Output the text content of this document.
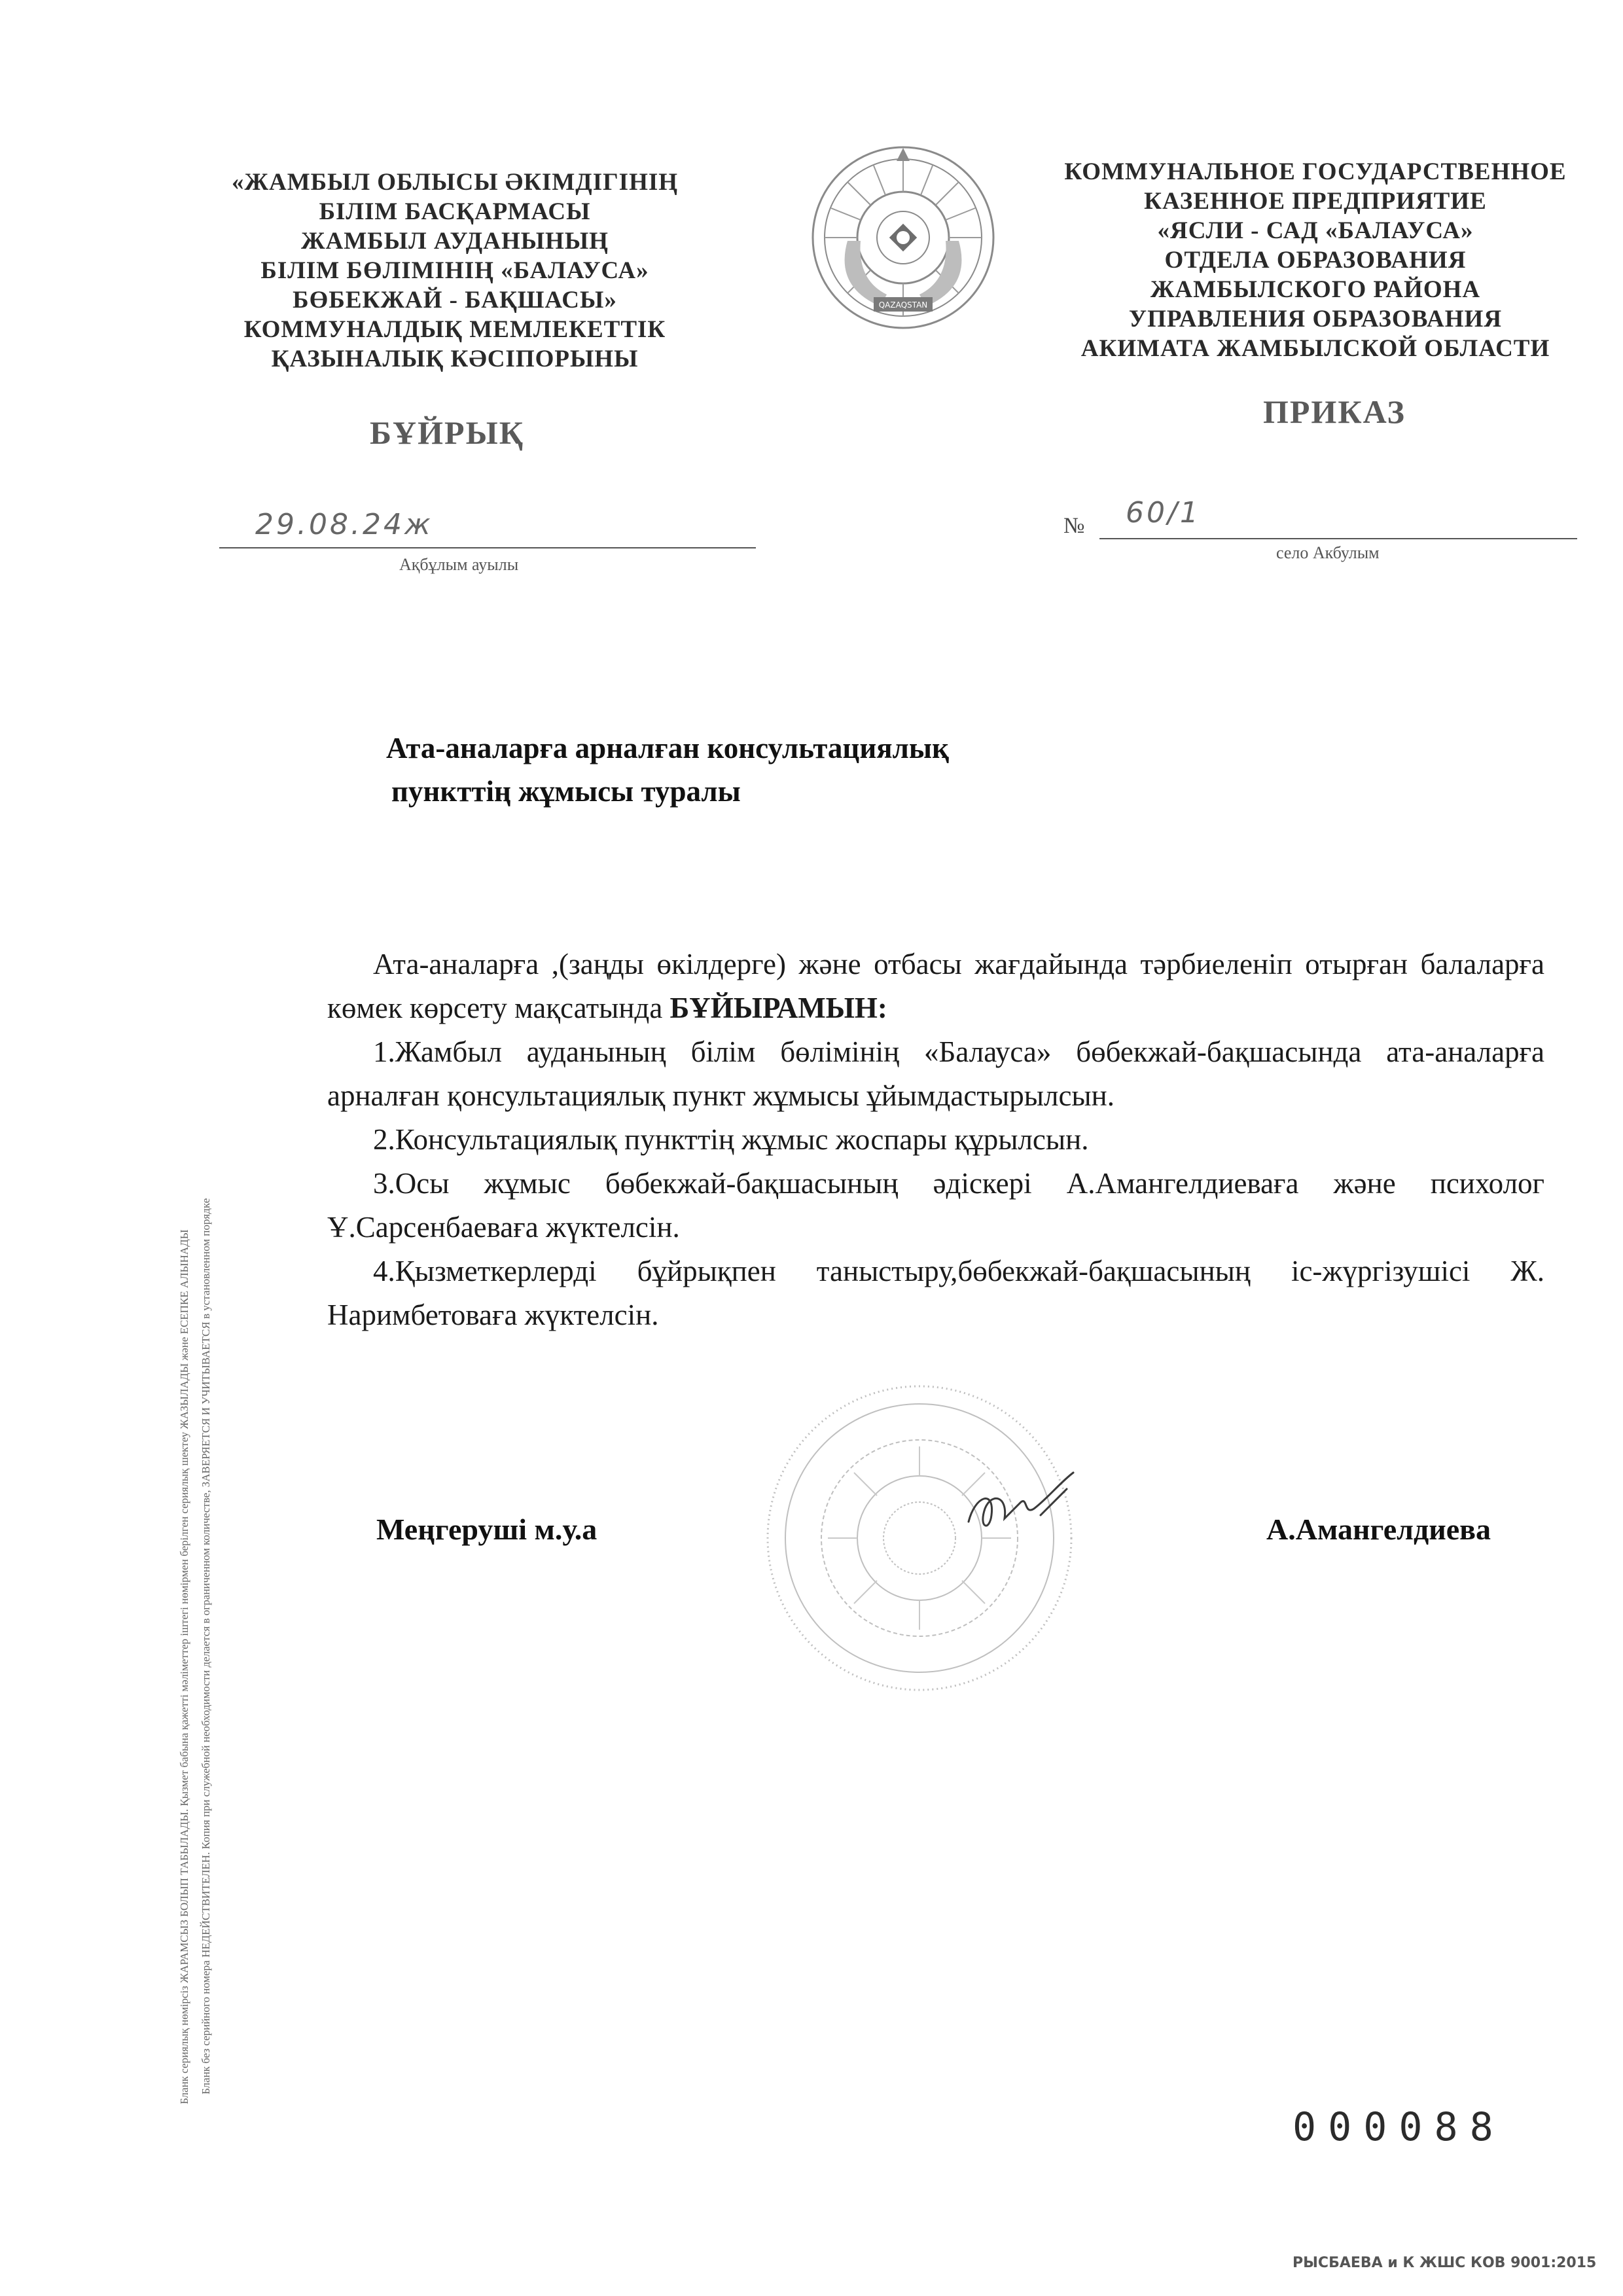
«ЖАМБЫЛ ОБЛЫСЫ ӘКІМДІГІНІҢ
БІЛІМ БАСҚАРМАСЫ
ЖАМБЫЛ АУДАНЫНЫҢ
БІЛІМ БӨЛІМІНІҢ «БАЛАУСА»
БӨБЕКЖАЙ - БАҚШАСЫ»
КОММУНАЛДЫҚ МЕМЛЕКЕТТІК
ҚАЗЫНАЛЫҚ КӘСІПОРЫНЫ
QAZAQSTAN
КОММУНАЛЬНОЕ ГОСУДАРСТВЕННОЕ
КАЗЕННОЕ ПРЕДПРИЯТИЕ
«ЯСЛИ - САД «БАЛАУСА»
ОТДЕЛА ОБРАЗОВАНИЯ
ЖАМБЫЛСКОГО РАЙОНА
УПРАВЛЕНИЯ ОБРАЗОВАНИЯ
АКИМАТА ЖАМБЫЛСКОЙ ОБЛАСТИ
БҰЙРЫҚ
ПРИКАЗ
29.08.24ж
Ақбұлым ауылы
№ 60/1
село Акбулым
Ата-аналарға арналған консультациялық
пункттің жұмысы туралы

Ата-аналарға ,(заңды өкілдерге) және отбасы жағдайында тәрбиеленіп отырған балаларға көмек көрсету мақсатында БҰЙЫРАМЫН:

1.Жамбыл ауданының білім бөлімінің «Балауса» бөбекжай-бақшасында ата-аналарға арналған қонсультациялық пункт жұмысы ұйымдастырылсын.

2.Консультациялық пункттің жұмыс жоспары құрылсын.

3.Осы жұмыс бөбекжай-бақшасының әдіскері А.Амангелдиеваға және психолог Ұ.Сарсенбаеваға жүктелсін.

4.Қызметкерлерді бұйрықпен таныстыру,бөбекжай-бақшасының іс-жүргізушісі Ж. Наримбетоваға жүктелсін.

Меңгеруші м.у.а	А.Амангелдиева
Бланк сериялық нөмірсіз ЖАРАМСЫЗ БОЛЫП ТАБЫЛАДЫ. Қызмет бабына қажетті мәліметтер іштегі нөмірмен берілген сериялық шектеу ЖАЗЫЛАДЫ және ЕСЕПКЕ АЛЫНАДЫ Бланк без серийного номера НЕДЕЙСТВИТЕЛЕН. Копия при служебной необходимости делается в ограниченном количестве, ЗАВЕРЯЕТСЯ И УЧИТЫВАЕТСЯ в установленном порядке
000088
РЫСБАЕВА и К ЖШС КОВ 9001:2015
